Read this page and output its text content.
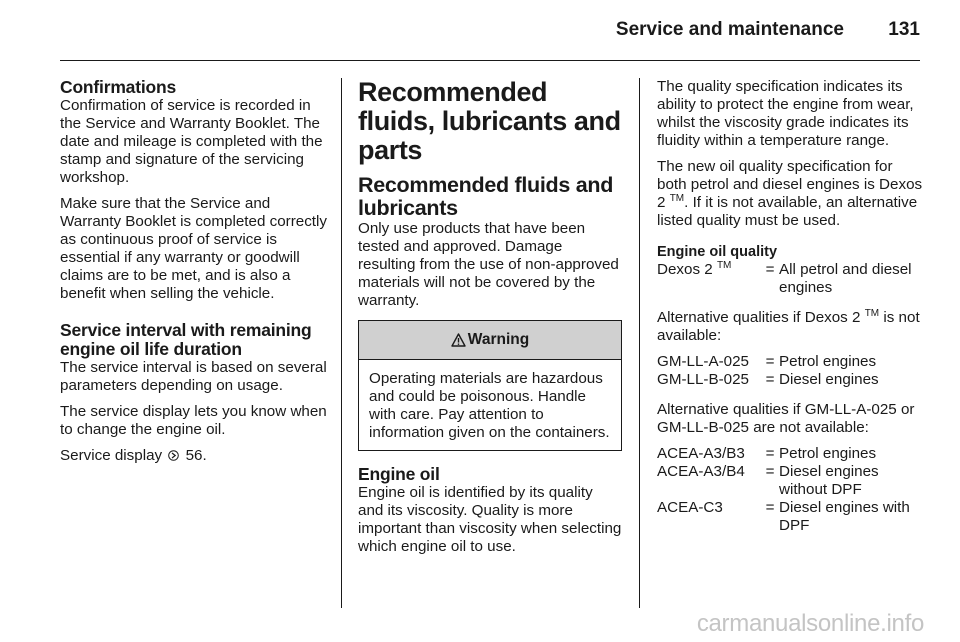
Service and maintenance	131
Confirmations

Confirmation of service is recorded in the Service and Warranty Booklet. The date and mileage is completed with the stamp and signature of the servicing workshop.

Make sure that the Service and Warranty Booklet is completed correctly as continuous proof of service is essential if any warranty or goodwill claims are to be met, and is also a benefit when selling the vehicle.

Service interval with remaining engine oil life duration

The service interval is based on several parameters depending on usage.

The service display lets you know when to change the engine oil.

Service display 56.

Recommended fluids, lubricants and parts
Recommended fluids and lubricants

Only use products that have been tested and approved. Damage resulting from the use of non-approved materials will not be covered by the warranty.

Warning
Operating materials are hazardous and could be poisonous. Handle with care. Pay attention to information given on the containers.
Engine oil

Engine oil is identified by its quality and its viscosity. Quality is more important than viscosity when selecting which engine oil to use.

The quality specification indicates its ability to protect the engine from wear, whilst the viscosity grade indicates its fluidity within a temperature range.

The new oil quality specification for both petrol and diesel engines is Dexos 2 ™. If it is not available, an alternative listed quality must be used.

Engine oil quality
Dexos 2 ™	=	All petrol and diesel engines

Alternative qualities if Dexos 2 ™ is not available:

GM-LL-A-025	=	Petrol engines
GM-LL-B-025	=	Diesel engines

Alternative qualities if GM-LL-A-025 or GM-LL-B-025 are not available:

ACEA-A3/B3	=	Petrol engines
ACEA-A3/B4	=	Diesel engines without DPF
ACEA-C3	=	Diesel engines with DPF
carmanualsonline.info
